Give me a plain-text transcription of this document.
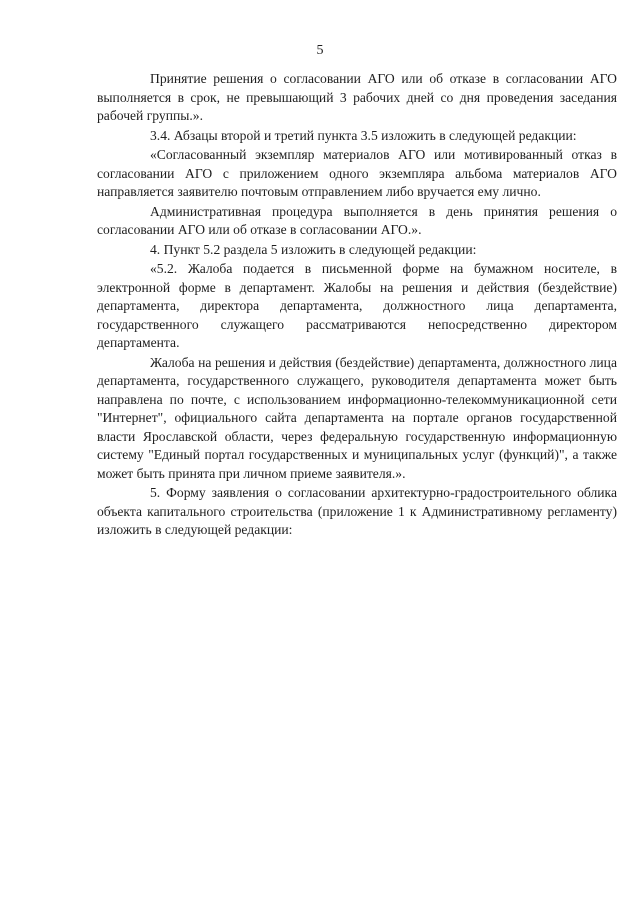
5

Принятие решения о согласовании АГО или об отказе в согласовании АГО выполняется в срок, не превышающий 3 рабочих дней со дня проведения заседания рабочей группы.».

3.4. Абзацы второй и третий пункта 3.5 изложить в следующей редакции:

«Согласованный экземпляр материалов АГО или мотивированный отказ в согласовании АГО с приложением одного экземпляра альбома материалов АГО направляется заявителю почтовым отправлением либо вручается ему лично.

Административная процедура выполняется в день принятия решения о согласовании АГО или об отказе в согласовании АГО.».

4. Пункт 5.2 раздела 5 изложить в следующей редакции:

«5.2. Жалоба подается в письменной форме на бумажном носителе, в электронной форме в департамент. Жалобы на решения и действия (бездействие) департамента, директора департамента, должностного лица департамента, государственного служащего рассматриваются непосредственно директором департамента.

Жалоба на решения и действия (бездействие) департамента, должностного лица департамента, государственного служащего, руководителя департамента может быть направлена по почте, с использованием информационно-телекоммуникационной сети "Интернет", официального сайта департамента на портале органов государственной власти Ярославской области, через федеральную государственную информационную систему "Единый портал государственных и муниципальных услуг (функций)", а также может быть принята при личном приеме заявителя.».

5. Форму заявления о согласовании архитектурно-градостроительного облика объекта капитального строительства (приложение 1 к Административному регламенту) изложить в следующей редакции:
